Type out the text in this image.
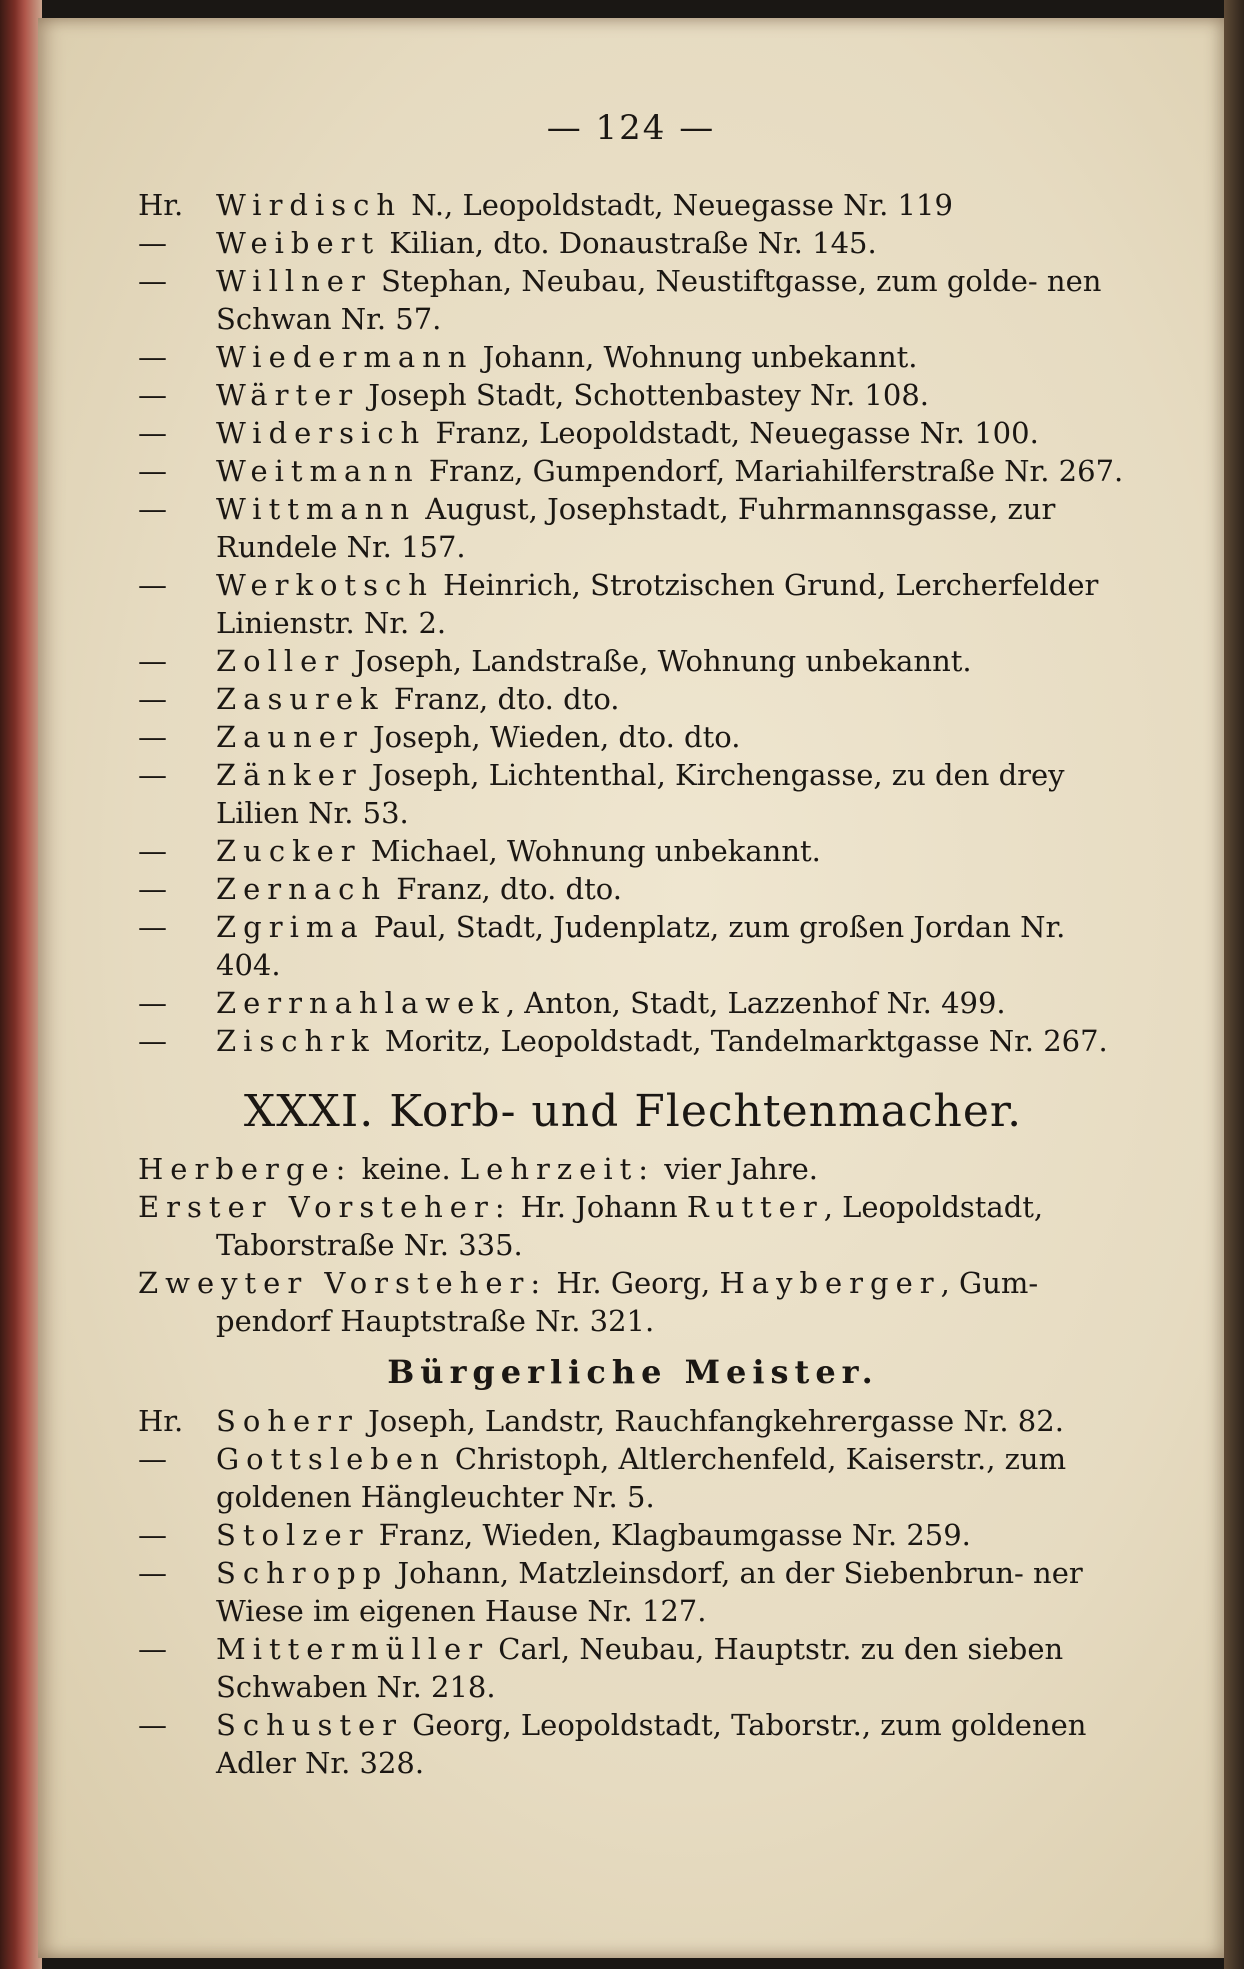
— 124 —
Hr. Wirdisch N., Leopoldstadt, Neuegasse Nr. 119
— Weibert Kilian, dto. Donaustraße Nr. 145.
— Willner Stephan, Neubau, Neustiftgasse, zum golde- nen Schwan Nr. 57.
— Wiedermann Johann, Wohnung unbekannt.
— Wärter Joseph Stadt, Schottenbastey Nr. 108.
— Widersich Franz, Leopoldstadt, Neuegasse Nr. 100.
— Weitmann Franz, Gumpendorf, Mariahilferstraße Nr. 267.
— Wittmann August, Josephstadt, Fuhrmannsgasse, zur Rundele Nr. 157.
— Werkotsch Heinrich, Strotzischen Grund, Lercherfelder Linienstr. Nr. 2.
— Zoller Joseph, Landstraße, Wohnung unbekannt.
— Zasurek Franz, dto. dto.
— Zauner Joseph, Wieden, dto. dto.
— Zänker Joseph, Lichtenthal, Kirchengasse, zu den drey Lilien Nr. 53.
— Zucker Michael, Wohnung unbekannt.
— Zernach Franz, dto. dto.
— Zgrima Paul, Stadt, Judenplatz, zum großen Jordan Nr. 404.
— Zerrnahlawek, Anton, Stadt, Lazzenhof Nr. 499.
— Zischrk Moritz, Leopoldstadt, Tandelmarktgasse Nr. 267.
XXXI. Korb- und Flechtenmacher.
Herberge: keine. Lehrzeit: vier Jahre.
Erster Vorsteher: Hr. Johann Rutter, Leopoldstadt, Taborstraße Nr. 335.
Zweyter Vorsteher: Hr. Georg, Hayberger, Gum- pendorf Hauptstraße Nr. 321.
Bürgerliche Meister.
Hr. Soherr Joseph, Landstr, Rauchfangkehrergasse Nr. 82.
— Gottsleben Christoph, Altlerchenfeld, Kaiserstr., zum goldenen Hängleuchter Nr. 5.
— Stolzer Franz, Wieden, Klagbaumgasse Nr. 259.
— Schropp Johann, Matzleinsdorf, an der Siebenbrun- ner Wiese im eigenen Hause Nr. 127.
— Mittermüller Carl, Neubau, Hauptstr. zu den sieben Schwaben Nr. 218.
— Schuster Georg, Leopoldstadt, Taborstr., zum goldenen Adler Nr. 328.
